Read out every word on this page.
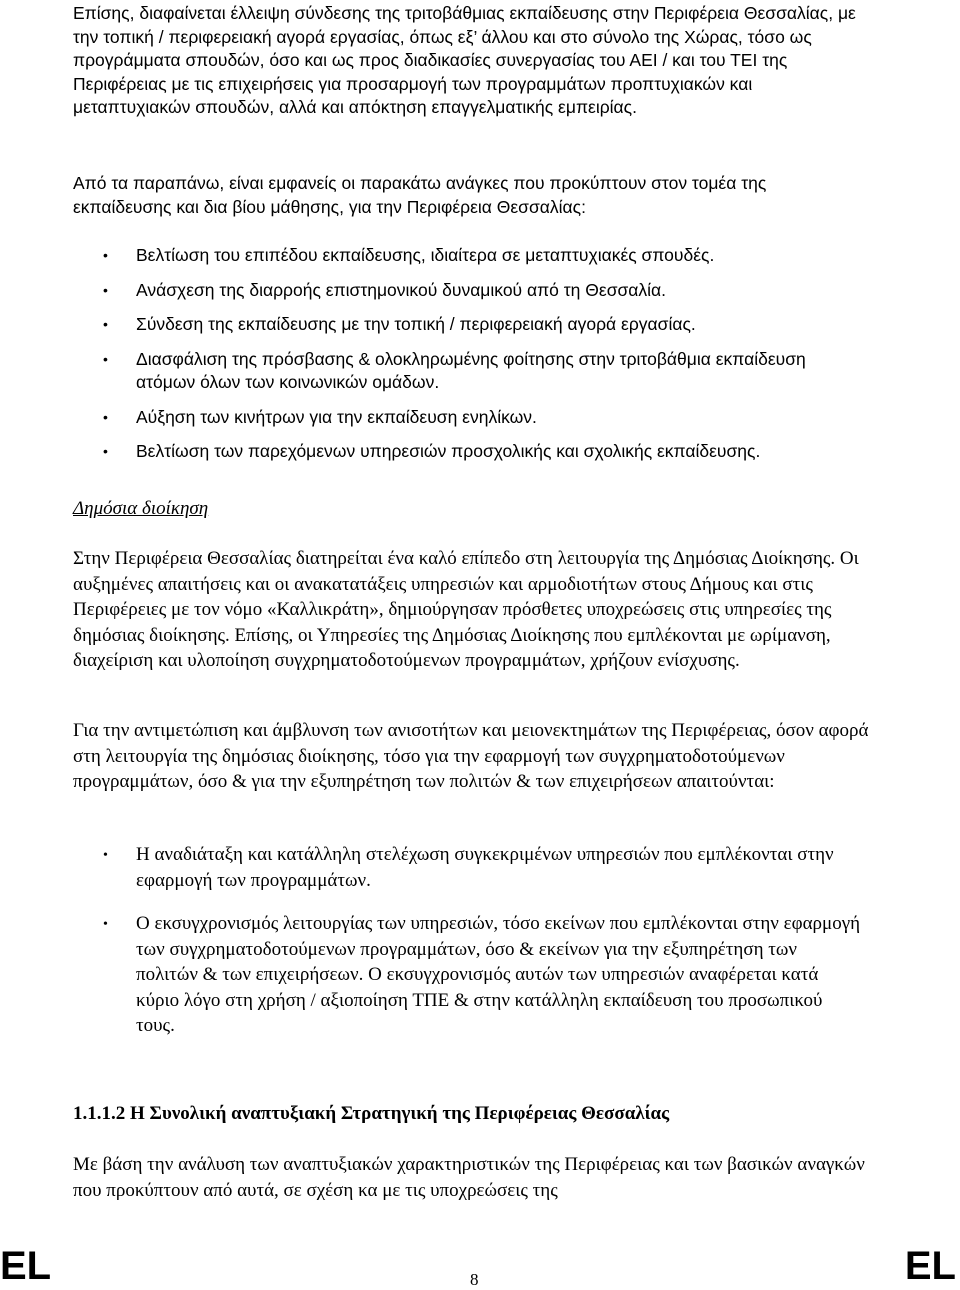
Επίσης, διαφαίνεται έλλειψη σύνδεσης της τριτοβάθμιας εκπαίδευσης στην Περιφέρεια Θεσσαλίας, με την τοπική / περιφερειακή αγορά εργασίας, όπως εξ’ άλλου και στο σύνολο της Χώρας, τόσο ως προγράμματα σπουδών, όσο και ως προς διαδικασίες συνεργασίας του ΑΕΙ / και του ΤΕΙ της Περιφέρειας με τις επιχειρήσεις για προσαρμογή των προγραμμάτων προπτυχιακών και μεταπτυχιακών σπουδών, αλλά και απόκτηση επαγγελματικής εμπειρίας.

Από τα παραπάνω, είναι εμφανείς οι παρακάτω ανάγκες που προκύπτουν στον τομέα της εκπαίδευσης και δια βίου μάθησης, για την Περιφέρεια Θεσσαλίας:

• Βελτίωση του επιπέδου εκπαίδευσης, ιδιαίτερα σε μεταπτυχιακές σπουδές.
• Ανάσχεση της διαρροής επιστημονικού δυναμικού από τη Θεσσαλία.
• Σύνδεση της εκπαίδευσης με την τοπική / περιφερειακή αγορά εργασίας.
• Διασφάλιση της πρόσβασης & ολοκληρωμένης φοίτησης στην τριτοβάθμια εκπαίδευση ατόμων όλων των κοινωνικών ομάδων.
• Αύξηση των κινήτρων για την εκπαίδευση ενηλίκων.
• Βελτίωση των παρεχόμενων υπηρεσιών προσχολικής και σχολικής εκπαίδευσης.
Δημόσια διοίκηση

Στην Περιφέρεια Θεσσαλίας διατηρείται ένα καλό επίπεδο στη λειτουργία της Δημόσιας Διοίκησης. Οι αυξημένες απαιτήσεις και οι ανακατατάξεις υπηρεσιών και αρμοδιοτήτων στους Δήμους και στις Περιφέρειες με τον νόμο «Καλλικράτη», δημιούργησαν πρόσθετες υποχρεώσεις στις υπηρεσίες της δημόσιας διοίκησης. Επίσης, οι Υπηρεσίες της Δημόσιας Διοίκησης που εμπλέκονται με ωρίμανση, διαχείριση και υλοποίηση συγχρηματοδοτούμενων προγραμμάτων, χρήζουν ενίσχυσης.

Για την αντιμετώπιση και άμβλυνση των ανισοτήτων και μειονεκτημάτων της Περιφέρειας, όσον αφορά στη λειτουργία της δημόσιας διοίκησης, τόσο για την εφαρμογή των συγχρηματοδοτούμενων προγραμμάτων, όσο & για την εξυπηρέτηση των πολιτών & των επιχειρήσεων απαιτούνται:

• Η αναδιάταξη και κατάλληλη στελέχωση συγκεκριμένων υπηρεσιών που εμπλέκονται στην εφαρμογή των προγραμμάτων.
• Ο εκσυγχρονισμός λειτουργίας των υπηρεσιών, τόσο εκείνων που εμπλέκονται στην εφαρμογή των συγχρηματοδοτούμενων προγραμμάτων, όσο & εκείνων για την εξυπηρέτηση των πολιτών & των επιχειρήσεων. Ο εκσυγχρονισμός αυτών των υπηρεσιών αναφέρεται κατά κύριο λόγο στη χρήση / αξιοποίηση ΤΠΕ & στην κατάλληλη εκπαίδευση του προσωπικού τους.
1.1.1.2 Η Συνολική αναπτυξιακή Στρατηγική της Περιφέρειας Θεσσαλίας

Με βάση την ανάλυση των αναπτυξιακών χαρακτηριστικών της Περιφέρειας και των βασικών αναγκών που προκύπτουν από αυτά, σε σχέση κα με τις υποχρεώσεις της

EL	8	EL
